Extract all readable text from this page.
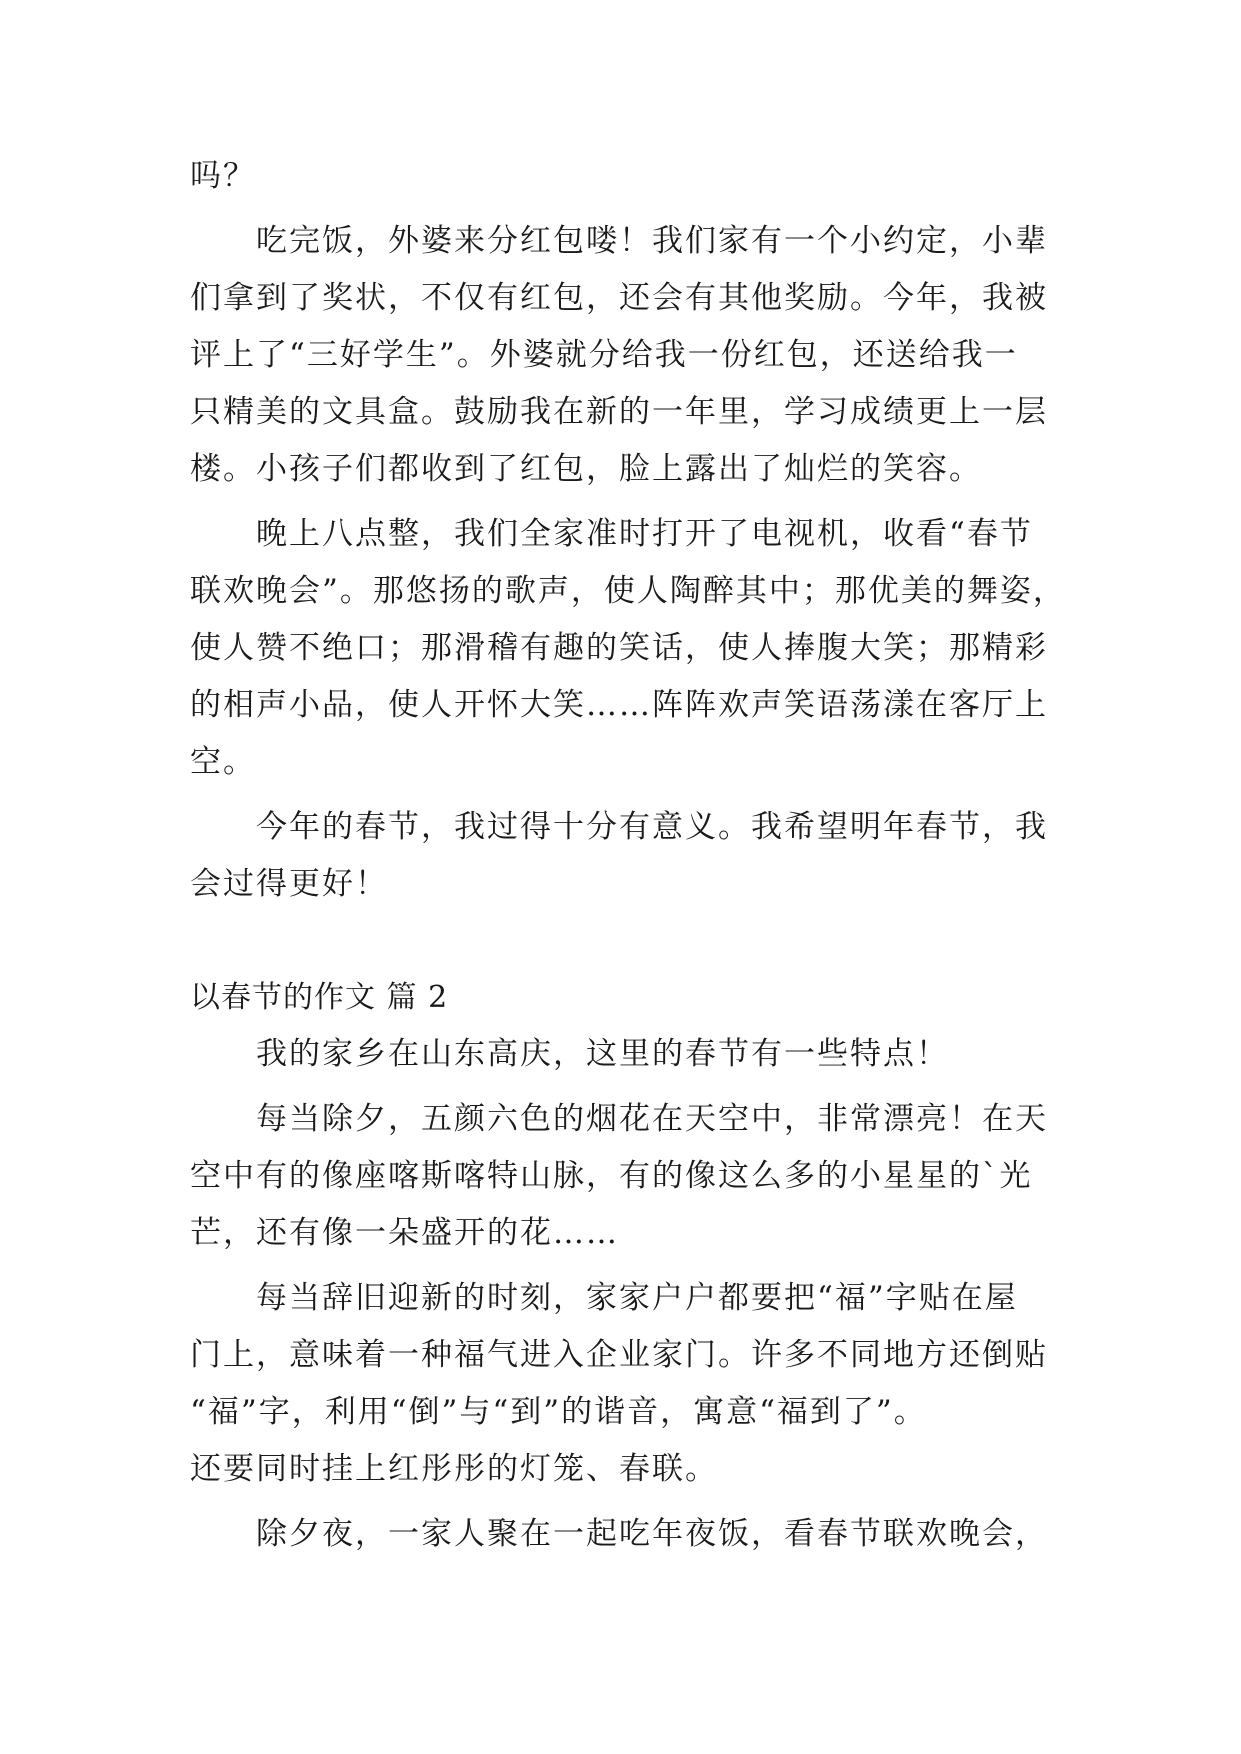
吗？
吃完饭，外婆来分红包喽！我们家有一个小约定，小辈
们拿到了奖状，不仅有红包，还会有其他奖励。今年，我被
评上了“三好学生”。外婆就分给我一份红包，还送给我一
只精美的文具盒。鼓励我在新的一年里，学习成绩更上一层
楼。小孩子们都收到了红包，脸上露出了灿烂的笑容。
晚上八点整，我们全家准时打开了电视机，收看“春节
联欢晚会”。那悠扬的歌声，使人陶醉其中；那优美的舞姿，
使人赞不绝口；那滑稽有趣的笑话，使人捧腹大笑；那精彩
的相声小品，使人开怀大笑……阵阵欢声笑语荡漾在客厅上
空。
今年的春节，我过得十分有意义。我希望明年春节，我
会过得更好！
以春节的作文 篇 2
我的家乡在山东高庆，这里的春节有一些特点！
每当除夕，五颜六色的烟花在天空中，非常漂亮！在天
空中有的像座喀斯喀特山脉，有的像这么多的小星星的`光
芒，还有像一朵盛开的花……
每当辞旧迎新的时刻，家家户户都要把“福”字贴在屋
门上，意味着一种福气进入企业家门。许多不同地方还倒贴
“福”字，利用“倒”与“到”的谐音，寓意“福到了”。
还要同时挂上红彤彤的灯笼、春联。
除夕夜，一家人聚在一起吃年夜饭，看春节联欢晚会，
